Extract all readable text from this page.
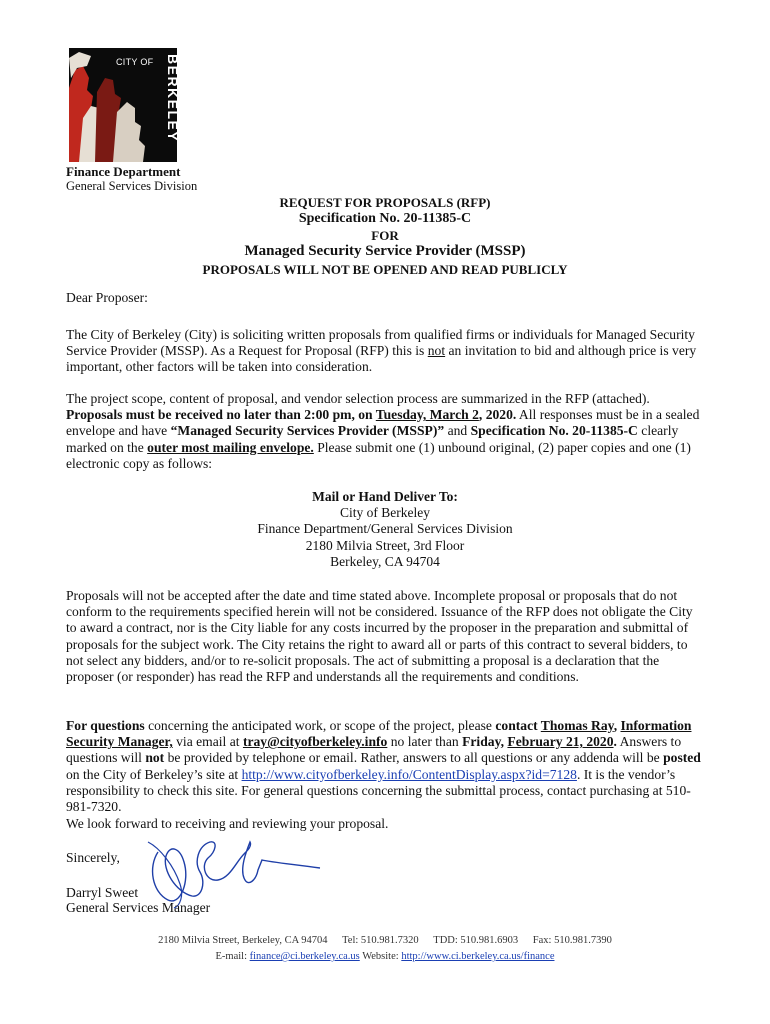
CITY OF BERKELEY
Finance Department
General Services Division
REQUEST FOR PROPOSALS (RFP)
Specification No. 20-11385-C
FOR
Managed Security Service Provider (MSSP)
PROPOSALS WILL NOT BE OPENED AND READ PUBLICLY
Dear Proposer:

The City of Berkeley (City) is soliciting written proposals from qualified firms or individuals for Managed Security Service Provider (MSSP). As a Request for Proposal (RFP) this is not an invitation to bid and although price is very important, other factors will be taken into consideration.

The project scope, content of proposal, and vendor selection process are summarized in the RFP (attached).
Proposals must be received no later than 2:00 pm, on Tuesday, March 2, 2020. All responses must be in a sealed envelope and have “Managed Security Services Provider (MSSP)” and Specification No. 20-11385-C clearly marked on the outer most mailing envelope. Please submit one (1) unbound original, (2) paper copies and one (1) electronic copy as follows:

Mail or Hand Deliver To:
City of Berkeley
Finance Department/General Services Division
2180 Milvia Street, 3rd Floor
Berkeley, CA 94704

Proposals will not be accepted after the date and time stated above. Incomplete proposal or proposals that do not conform to the requirements specified herein will not be considered. Issuance of the RFP does not obligate the City to award a contract, nor is the City liable for any costs incurred by the proposer in the preparation and submittal of proposals for the subject work. The City retains the right to award all or parts of this contract to several bidders, to not select any bidders, and/or to re-solicit proposals. The act of submitting a proposal is a declaration that the proposer (or responder) has read the RFP and understands all the requirements and conditions.

For questions concerning the anticipated work, or scope of the project, please contact Thomas Ray, Information Security Manager, via email at tray@cityofberkeley.info no later than Friday, February 21, 2020. Answers to questions will not be provided by telephone or email. Rather, answers to all questions or any addenda will be posted on the City of Berkeley’s site at http://www.cityofberkeley.info/ContentDisplay.aspx?id=7128. It is the vendor’s responsibility to check this site. For general questions concerning the submittal process, contact purchasing at 510-981-7320.

We look forward to receiving and reviewing your proposal.

Sincerely,
Darryl Sweet
General Services Manager
2180 Milvia Street, Berkeley, CA 94704 Tel: 510.981.7320 TDD: 510.981.6903 Fax: 510.981.7390
E-mail: finance@ci.berkeley.ca.us Website: http://www.ci.berkeley.ca.us/finance
